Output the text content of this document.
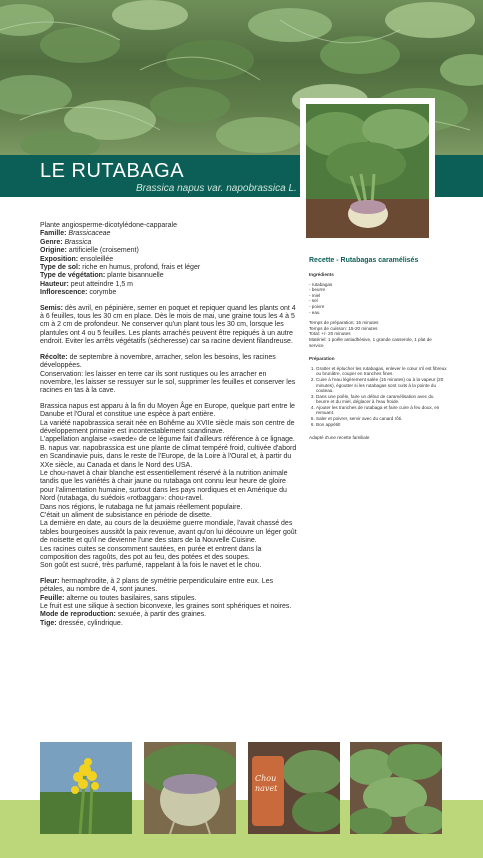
LE RUTABAGA

Brassica napus var. napobrassica L.

Plante angiosperme-dicotylédone-capparale

Famille: Brassicaceae

Genre: Brassica

Origine: artificielle (croisement)

Exposition: ensoleillée

Type de sol: riche en humus, profond, frais et léger

Type de végétation: plante bisannuelle

Hauteur: peut atteindre 1,5 m

Inflorescence: corymbe

Semis: dès avril, en pépinière, semer en poquet et repiquer quand les plants ont 4 à 6 feuilles, tous les 30 cm en place. Dès le mois de mai, une graine tous les 4 à 5 cm à 2 cm de profondeur. Ne conserver qu'un plant tous les 30 cm, lorsque les plantules ont 4 ou 5 feuilles. Les plants arrachés peuvent être repiqués à un autre endroit. Eviter les arrêts végétatifs (sécheresse) car sa racine devient filandreuse.

Récolte: de septembre à novembre, arracher, selon les besoins, les racines développées.

Conservation: les laisser en terre car ils sont rustiques ou les arracher en novembre, les laisser se ressuyer sur le sol, supprimer les feuilles et conserver les racines en tas à la cave.

Brassica napus est apparu à la fin du Moyen Âge en Europe, quelque part entre le Danube et l'Oural et constitue une espèce à part entière.

La variété napobrassica serait née en Bohême au XVIIe siècle mais son centre de développement primaire est incontestablement scandinave.

L'appellation anglaise «swede» de ce légume fait d'ailleurs référence à ce lignage.

B. napus var. napobrassica est une plante de climat tempéré froid, cultivée d'abord en Scandinavie puis, dans le reste de l'Europe, de la Loire à l'Oural et, à partir du XXe siècle, au Canada et dans le Nord des USA.

Le chou-navet à chair blanche est essentiellement réservé à la nutrition animale tandis que les variétés à chair jaune ou rutabaga ont connu leur heure de gloire pour l'alimentation humaine, surtout dans les pays nordiques et en Amérique du Nord (rutabaga, du suédois «rotbaggar»: chou-ravel.

Dans nos régions, le rutabaga ne fut jamais réellement populaire.

C'était un aliment de subsistance en période de disette.

La dernière en date, au cours de la deuxième guerre mondiale, l'avait chassé des tables bourgeoises aussitôt la paix revenue, avant qu'on lui découvre un léger goût de noisette et qu'il ne devienne l'une des stars de la Nouvelle Cuisine.

Les racines cuites se consomment sautées, en purée et entrent dans la composition des ragoûts, des pot au feu, des potées et des soupes.

Son goût est sucré, très parfumé, rappelant à la fois le navet et le chou.

Fleur: hermaphrodite, à 2 plans de symétrie perpendiculaire entre eux. Les pétales, au nombre de 4, sont jaunes.

Feuille: alterne ou toutes basilaires, sans stipules.

Le fruit est une silique à section biconvexe, les graines sont sphériques et noires.

Mode de reproduction: sexuée, à partir des graines.

Tige: dressée, cylindrique.

Recette - Rutabagas caramélisés

Ingrédients

- rutabagas
- beurre
- miel
- sel
- poivre
- eau

Temps de préparation: 15 minutes

Temps de cuisson: 15-20 minutes

Total: +/- 20 minutes

Matériel: 1 poêle antiadhésive, 1 grande casserole, 1 plat de service

Préparation

1. Gratter et éplucher les rutabagas, enlever le cœur s'il est fibreux ou brunâtre, couper en tranches fines.
2. Cuire à l'eau légèrement salée (15 minutes) ou à la vapeur (20 minutes), égoutter si les rutabagas sont cuits à la pointe du couteau.
3. Dans une poêle, faire un début de caramélisation avec du beurre et du miel, déglacer à l'eau froide.
4. Ajouter les tranches de rutabaga et faire cuire à feu doux, en remuant.
5. Saler et poivrer, servir avec du canard rôti.
6. Bon appétit!

Adapté d'une recette familiale

Chou navet
